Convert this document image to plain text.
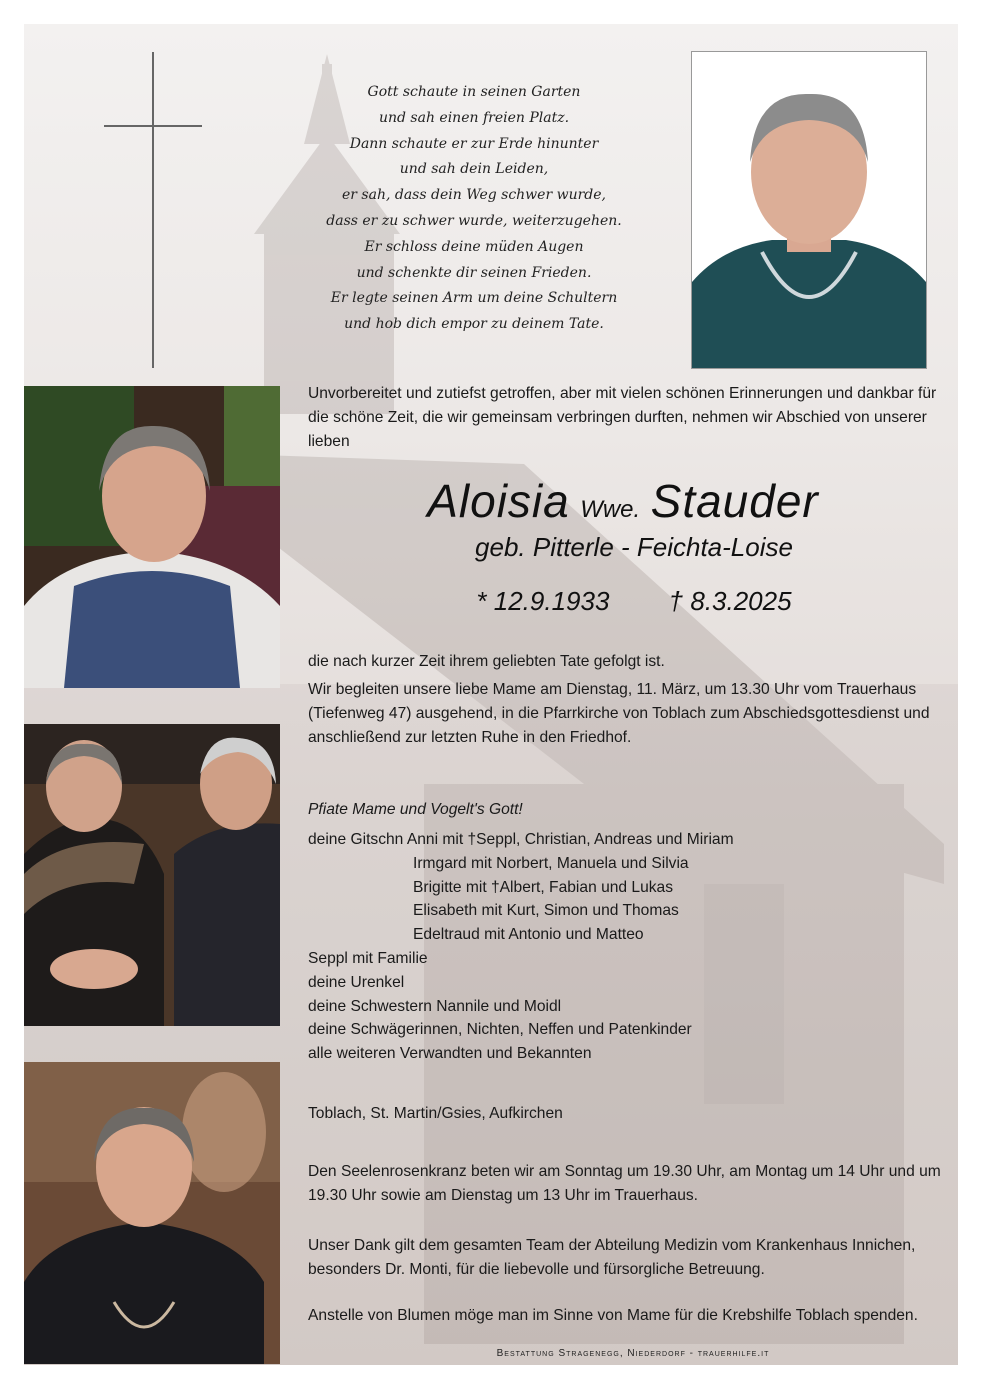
Gott schaute in seinen Garten
und sah einen freien Platz.
Dann schaute er zur Erde hinunter
und sah dein Leiden,
er sah, dass dein Weg schwer wurde,
dass er zu schwer wurde, weiterzugehen.
Er schloss deine müden Augen
und schenkte dir seinen Frieden.
Er legte seinen Arm um deine Schultern
und hob dich empor zu deinem Tate.
Unvorbereitet und zutiefst getroffen, aber mit vielen schönen Erinnerungen und dankbar für die schöne Zeit, die wir gemeinsam verbringen durften, nehmen wir Abschied von unserer lieben
Aloisia Wwe. Stauder
geb. Pitterle - Feichta-Loise
* 12.9.1933 † 8.3.2025
die nach kurzer Zeit ihrem geliebten Tate gefolgt ist.
Wir begleiten unsere liebe Mame am Dienstag, 11. März, um 13.30 Uhr vom Trauerhaus (Tiefenweg 47) ausgehend, in die Pfarrkirche von Toblach zum Abschiedsgottesdienst und anschließend zur letzten Ruhe in den Friedhof.
Pfiate Mame und Vogelt's Gott!
deine Gitschn Anni mit †Seppl, Christian, Andreas und Miriam
Irmgard mit Norbert, Manuela und Silvia
Brigitte mit †Albert, Fabian und Lukas
Elisabeth mit Kurt, Simon und Thomas
Edeltraud mit Antonio und Matteo
Seppl mit Familie
deine Urenkel
deine Schwestern Nannile und Moidl
deine Schwägerinnen, Nichten, Neffen und Patenkinder
alle weiteren Verwandten und Bekannten
Toblach, St. Martin/Gsies, Aufkirchen
Den Seelenrosenkranz beten wir am Sonntag um 19.30 Uhr, am Montag um 14 Uhr und um 19.30 Uhr sowie am Dienstag um 13 Uhr im Trauerhaus.
Unser Dank gilt dem gesamten Team der Abteilung Medizin vom Krankenhaus Innichen, besonders Dr. Monti, für die liebevolle und fürsorgliche Betreuung.
Anstelle von Blumen möge man im Sinne von Mame für die Krebshilfe Toblach spenden.
Bestattung Stragenegg, Niederdorf - trauerhilfe.it
